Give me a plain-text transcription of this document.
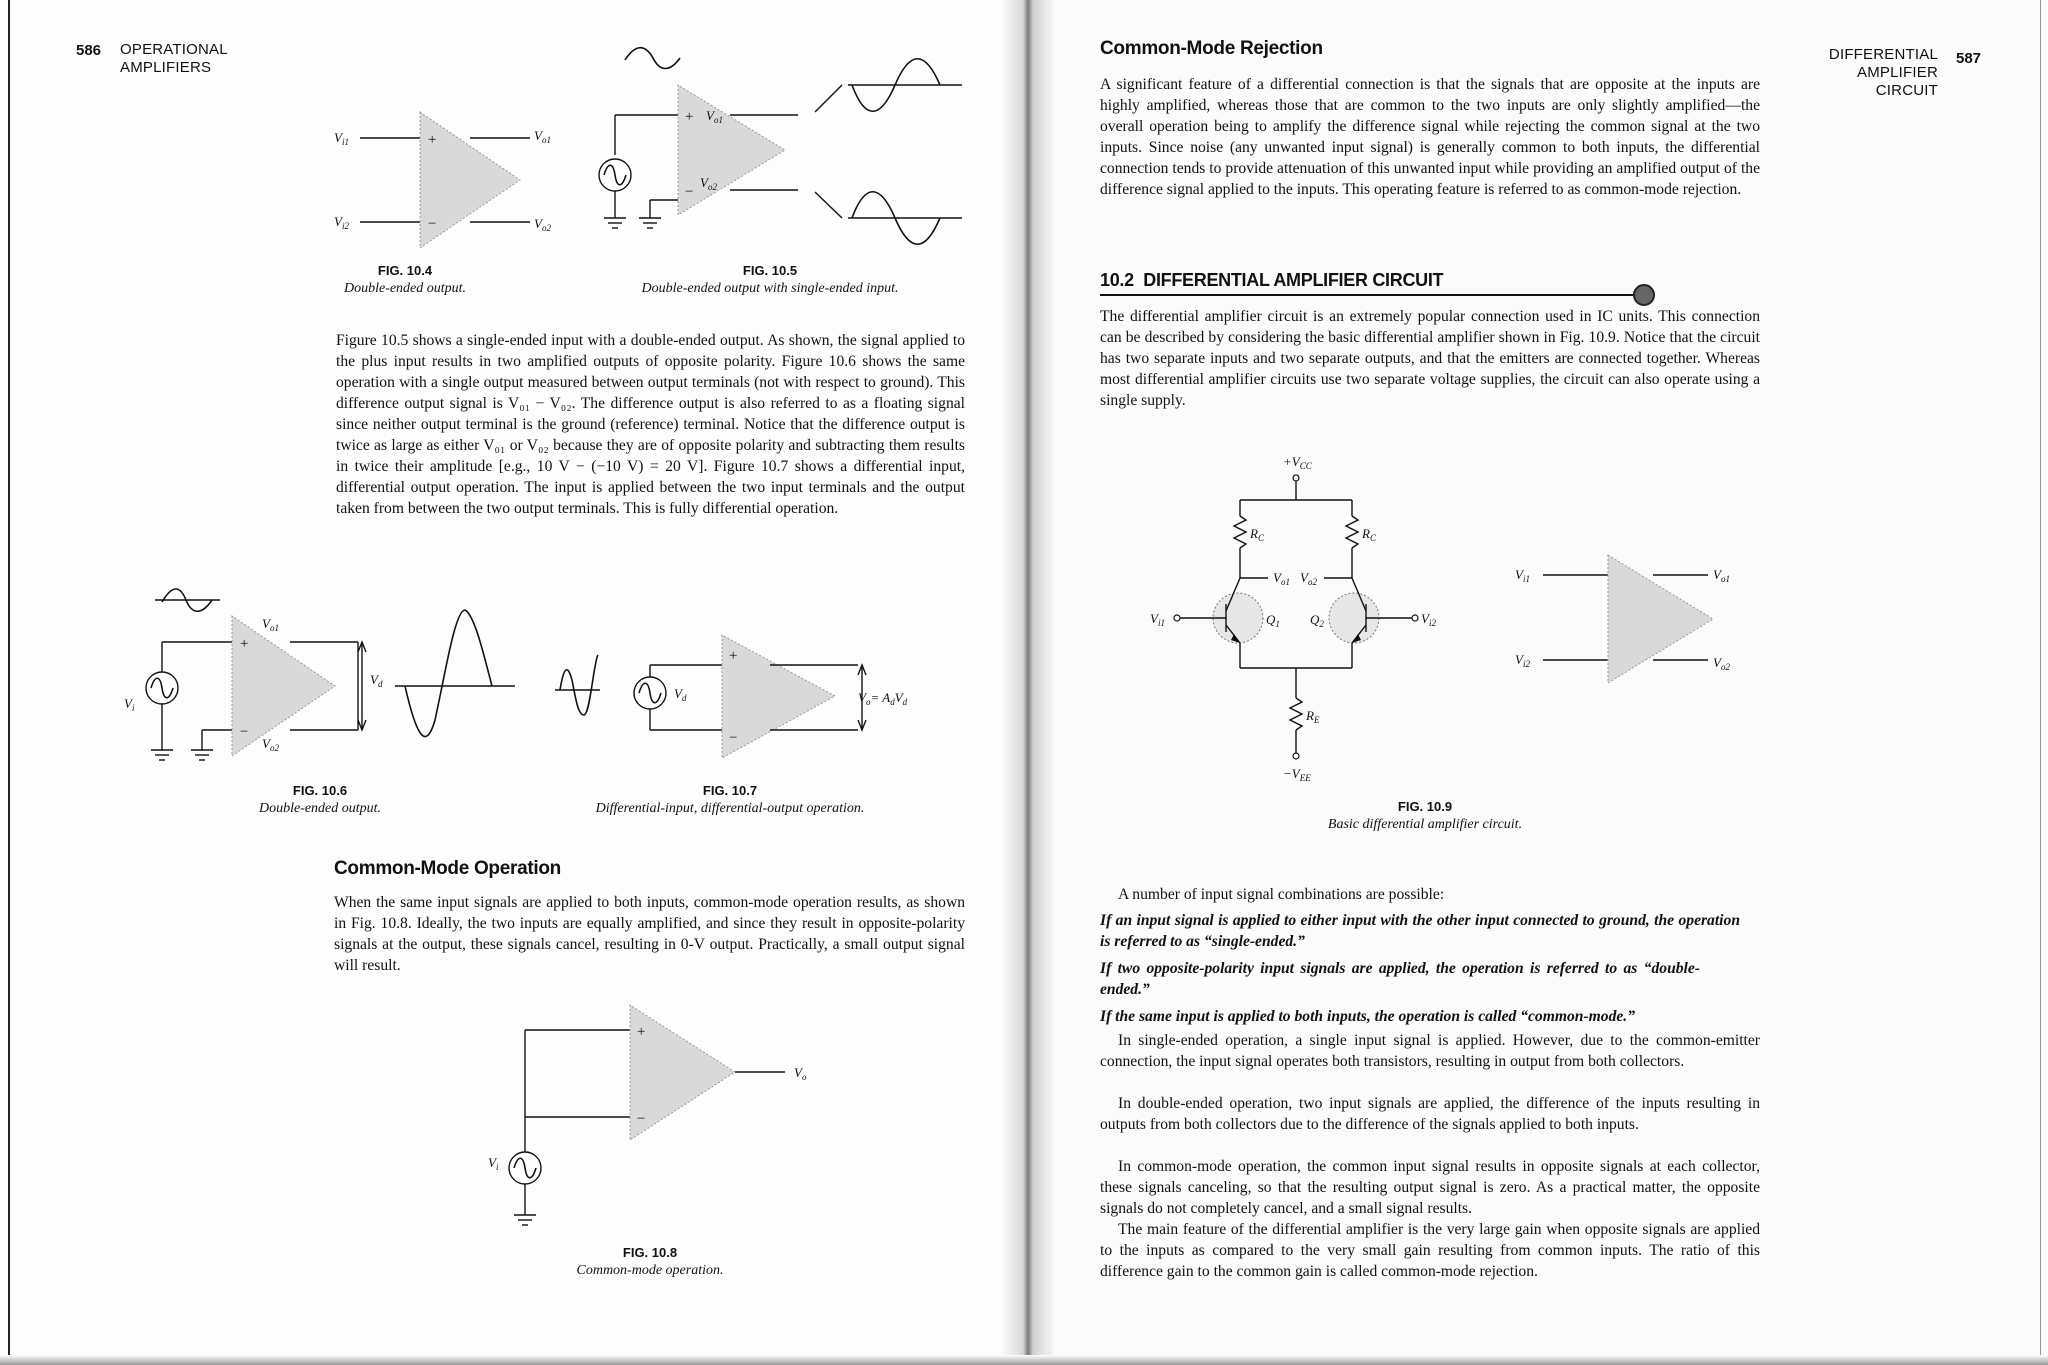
586 OPERATIONAL
AMPLIFIERS
+
−
$V_{i1}$
$V_{i2}$
$V_{o1}$
$V_{o2}$
FIG. 10.4
Double-ended output.
+
−
$V_{o1}$
$V_{o2}$
FIG. 10.5
Double-ended output with single-ended input.
Figure 10.5 shows a single-ended input with a double-ended output. As shown, the signal applied to the plus input results in two amplified outputs of opposite polarity. Figure 10.6 shows the same operation with a single output measured between output terminals (not with respect to ground). This difference output signal is V₀₁ − V₀₂. The difference output is also referred to as a floating signal since neither output terminal is the ground (reference) terminal. Notice that the difference output is twice as large as either V₀₁ or V₀₂ because they are of opposite polarity and subtracting them results in twice their amplitude [e.g., 10 V − (−10 V) = 20 V]. Figure 10.7 shows a differential input, differential output operation. The input is applied between the two input terminals and the output taken from between the two output terminals. This is fully differential operation.
+
−
$V_i$
$V_{o1}$
$V_{o2}$
$V_d$
FIG. 10.6
Double-ended output.
+
−
$V_d$	$V_o= A_dV_d$
FIG. 10.7
Differential-input, differential-output operation.
Common-Mode Operation
When the same input signals are applied to both inputs, common-mode operation results, as shown in Fig. 10.8. Ideally, the two inputs are equally amplified, and since they result in opposite-polarity signals at the output, these signals cancel, resulting in 0-V output. Practically, a small output signal will result.
+
−
$V_i$
$V_o$
FIG. 10.8
Common-mode operation.
DIFFERENTIAL
AMPLIFIER CIRCUIT
587
Common-Mode Rejection
A significant feature of a differential connection is that the signals that are opposite at the inputs are highly amplified, whereas those that are common to the two inputs are only slightly amplified—the overall operation being to amplify the difference signal while rejecting the common signal at the two inputs. Since noise (any unwanted input signal) is generally common to both inputs, the differential connection tends to provide attenuation of this unwanted input while providing an amplified output of the difference signal applied to the inputs. This operating feature is referred to as common-mode rejection.
10.2 DIFFERENTIAL AMPLIFIER CIRCUIT
The differential amplifier circuit is an extremely popular connection used in IC units. This connection can be described by considering the basic differential amplifier shown in Fig. 10.9. Notice that the circuit has two separate inputs and two separate outputs, and that the emitters are connected together. Whereas most differential amplifier circuits use two separate voltage supplies, the circuit can also operate using a single supply.
$+V_{CC}$
$-V_{EE}$
$R_C$	$R_C$
$R_E$
$V_{o1}$ $V_{o2}$
$Q_1$ $Q_2$
$V_{i1}$	$V_{i2}$
$V_{i1}$
$V_{i2}$
$V_{o1}$
$V_{o2}$
FIG. 10.9
Basic differential amplifier circuit.
A number of input signal combinations are possible:
If an input signal is applied to either input with the other input connected to ground, the operation is referred to as “single-ended.”
If two opposite-polarity input signals are applied, the operation is referred to as “double-ended.”
If the same input is applied to both inputs, the operation is called “common-mode.”
In single-ended operation, a single input signal is applied. However, due to the common-emitter connection, the input signal operates both transistors, resulting in output from both collectors.
In double-ended operation, two input signals are applied, the difference of the inputs resulting in outputs from both collectors due to the difference of the signals applied to both inputs.
In common-mode operation, the common input signal results in opposite signals at each collector, these signals canceling, so that the resulting output signal is zero. As a practical matter, the opposite signals do not completely cancel, and a small signal results.
The main feature of the differential amplifier is the very large gain when opposite signals are applied to the inputs as compared to the very small gain resulting from common inputs. The ratio of this difference gain to the common gain is called common-mode rejection.
